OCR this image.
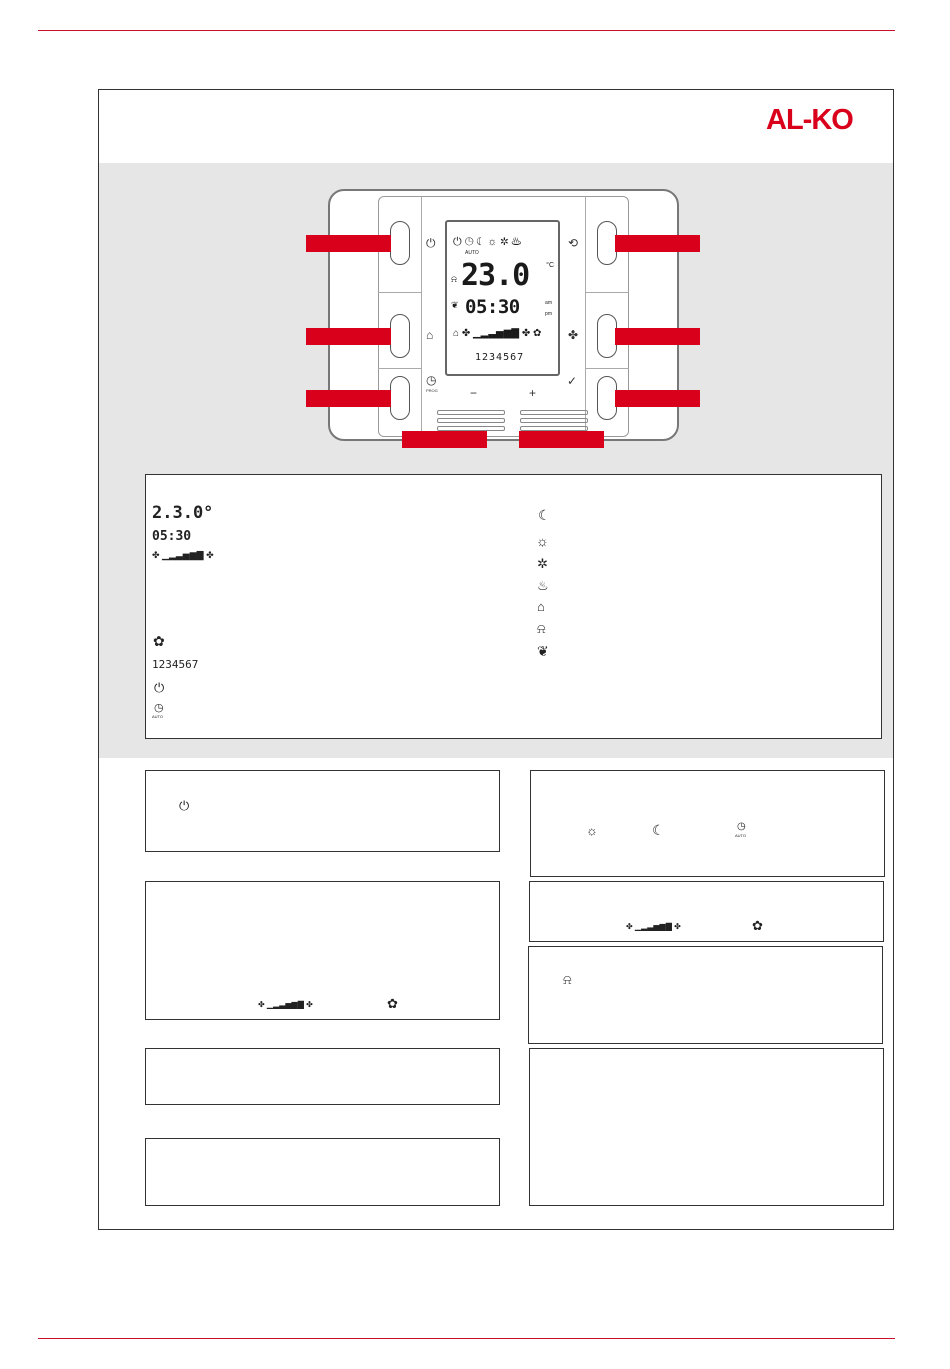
AL-KO
⏻
⌂
◷
PROG
⟲
✤
✓
−	+
⏻ ◷ ☾ ☼ ✲ ♨
AUTO
⍾ 23.0 °C
❦ 05:30	am
pm
⌂ ✤ ▁▂▃▅▆▇ ✤ ✿
1234567
2.3.0°
05:30
✤ ▁▂▃▅▆▇ ✤
✿
1234567
⏻
◷
AUTO
☾
☼
✲
♨
⌂
⍾
❦
⏻
✤ ▁▂▃▅▆▇ ✤	✿
☼	☾	◷
AUTO
✤ ▁▂▃▅▆▇ ✤	✿
⍾
